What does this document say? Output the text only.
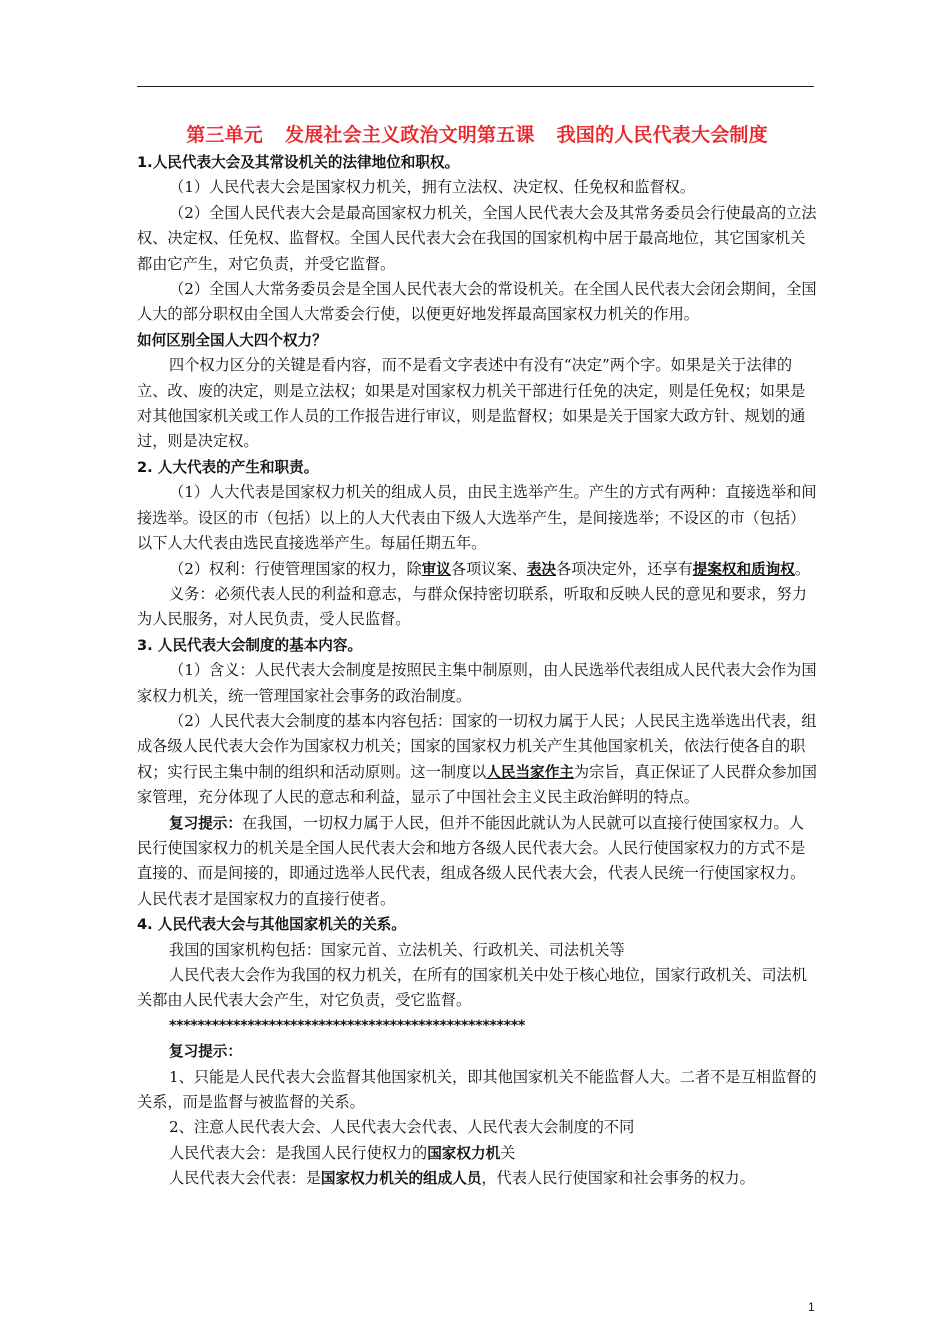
第三单元 发展社会主义政治文明第五课 我国的人民代表大会制度

1.人民代表大会及其常设机关的法律地位和职权。

（1）人民代表大会是国家权力机关，拥有立法权、决定权、任免权和监督权。

（2）全国人民代表大会是最高国家权力机关，全国人民代表大会及其常务委员会行使最高的立法权、决定权、任免权、监督权。全国人民代表大会在我国的国家机构中居于最高地位，其它国家机关都由它产生，对它负责，并受它监督。

（2）全国人大常务委员会是全国人民代表大会的常设机关。在全国人民代表大会闭会期间，全国人大的部分职权由全国人大常委会行使，以便更好地发挥最高国家权力机关的作用。

如何区别全国人大四个权力？

四个权力区分的关键是看内容，而不是看文字表述中有没有“决定”两个字。如果是关于法律的立、改、废的决定，则是立法权；如果是对国家权力机关干部进行任免的决定，则是任免权；如果是对其他国家机关或工作人员的工作报告进行审议，则是监督权；如果是关于国家大政方针、规划的通过，则是决定权。

2. 人大代表的产生和职责。

（1）人大代表是国家权力机关的组成人员，由民主选举产生。产生的方式有两种：直接选举和间接选举。设区的市（包括）以上的人大代表由下级人大选举产生，是间接选举；不设区的市（包括）以下人大代表由选民直接选举产生。每届任期五年。

（2）权利：行使管理国家的权力，除审议各项议案、表决各项决定外，还享有提案权和质询权。

义务：必须代表人民的利益和意志，与群众保持密切联系，听取和反映人民的意见和要求，努力为人民服务，对人民负责，受人民监督。

3. 人民代表大会制度的基本内容。

（1）含义：人民代表大会制度是按照民主集中制原则，由人民选举代表组成人民代表大会作为国家权力机关，统一管理国家社会事务的政治制度。

（2）人民代表大会制度的基本内容包括：国家的一切权力属于人民；人民民主选举选出代表，组成各级人民代表大会作为国家权力机关；国家的国家权力机关产生其他国家机关，依法行使各自的职权；实行民主集中制的组织和活动原则。这一制度以人民当家作主为宗旨，真正保证了人民群众参加国家管理，充分体现了人民的意志和利益，显示了中国社会主义民主政治鲜明的特点。

复习提示：在我国，一切权力属于人民，但并不能因此就认为人民就可以直接行使国家权力。人民行使国家权力的机关是全国人民代表大会和地方各级人民代表大会。人民行使国家权力的方式不是直接的、而是间接的，即通过选举人民代表，组成各级人民代表大会，代表人民统一行使国家权力。人民代表才是国家权力的直接行使者。

4. 人民代表大会与其他国家机关的关系。

我国的国家机构包括：国家元首、立法机关、行政机关、司法机关等

人民代表大会作为我国的权力机关，在所有的国家机关中处于核心地位，国家行政机关、司法机关都由人民代表大会产生，对它负责，受它监督。

**************************************************

复习提示：

1、只能是人民代表大会监督其他国家机关，即其他国家机关不能监督人大。二者不是互相监督的关系，而是监督与被监督的关系。

2、注意人民代表大会、人民代表大会代表、人民代表大会制度的不同

人民代表大会：是我国人民行使权力的国家权力机关

人民代表大会代表：是国家权力机关的组成人员，代表人民行使国家和社会事务的权力。

1
